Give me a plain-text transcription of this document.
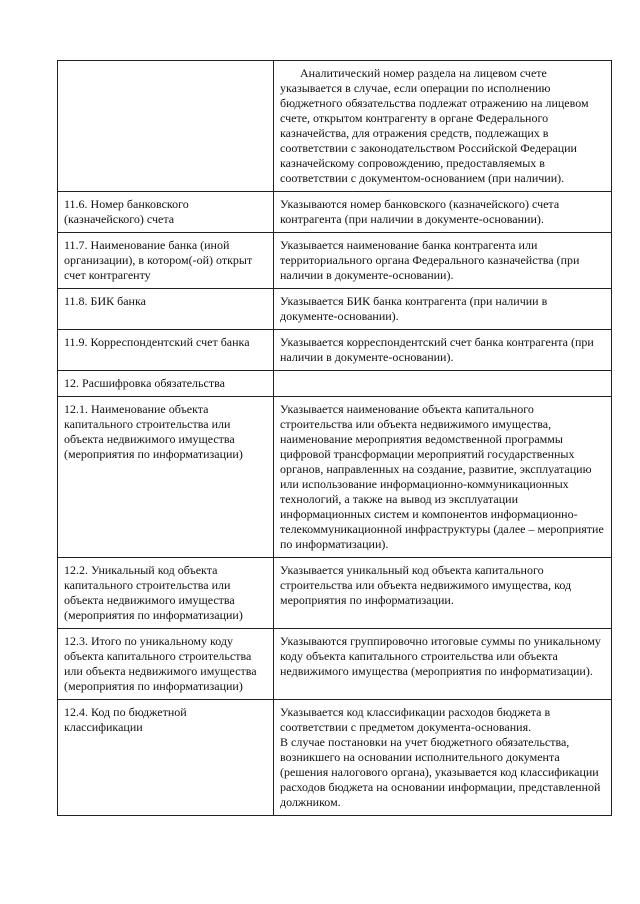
	Аналитический номер раздела на лицевом счете указывается в случае, если операции по исполнению бюджетного обязательства подлежат отражению на лицевом счете, открытом контрагенту в органе Федерального казначейства, для отражения средств, подлежащих в соответствии с законодательством Российской Федерации казначейскому сопровождению, предоставляемых в соответствии с документом-основанием (при наличии).

11.6. Номер банковского (казначейского) счета	Указываются номер банковского (казначейского) счета контрагента (при наличии в документе-основании).
11.7. Наименование банка (иной организации), в котором(-ой) открыт счет контрагенту	Указывается наименование банка контрагента или территориального органа Федерального казначейства (при наличии в документе-основании).
11.8. БИК банка	Указывается БИК банка контрагента (при наличии в документе-основании).
11.9. Корреспондентский счет банка	Указывается корреспондентский счет банка контрагента (при наличии в документе-основании).
12. Расшифровка обязательства	
12.1. Наименование объекта капитального строительства или объекта недвижимого имущества (мероприятия по информатизации)	Указывается наименование объекта капитального строительства или объекта недвижимого имущества, наименование мероприятия ведомственной программы цифровой трансформации мероприятий государственных органов, направленных на создание, развитие, эксплуатацию или использование информационно-коммуникационных технологий, а также на вывод из эксплуатации информационных систем и компонентов информационно-телекоммуникационной инфраструктуры (далее – мероприятие по информатизации).
12.2. Уникальный код объекта капитального строительства или объекта недвижимого имущества (мероприятия по информатизации)	Указывается уникальный код объекта капитального строительства или объекта недвижимого имущества, код мероприятия по информатизации.
12.3. Итого по уникальному коду объекта капитального строительства или объекта недвижимого имущества (мероприятия по информатизации)	Указываются группировочно итоговые суммы по уникальному коду объекта капитального строительства или объекта недвижимого имущества (мероприятия по информатизации).
12.4. Код по бюджетной классификации	Указывается код классификации расходов бюджета в соответствии с предметом документа-основания.

В случае постановки на учет бюджетного обязательства, возникшего на основании исполнительного документа (решения налогового органа), указывается код классификации расходов бюджета на основании информации, представленной должником.
